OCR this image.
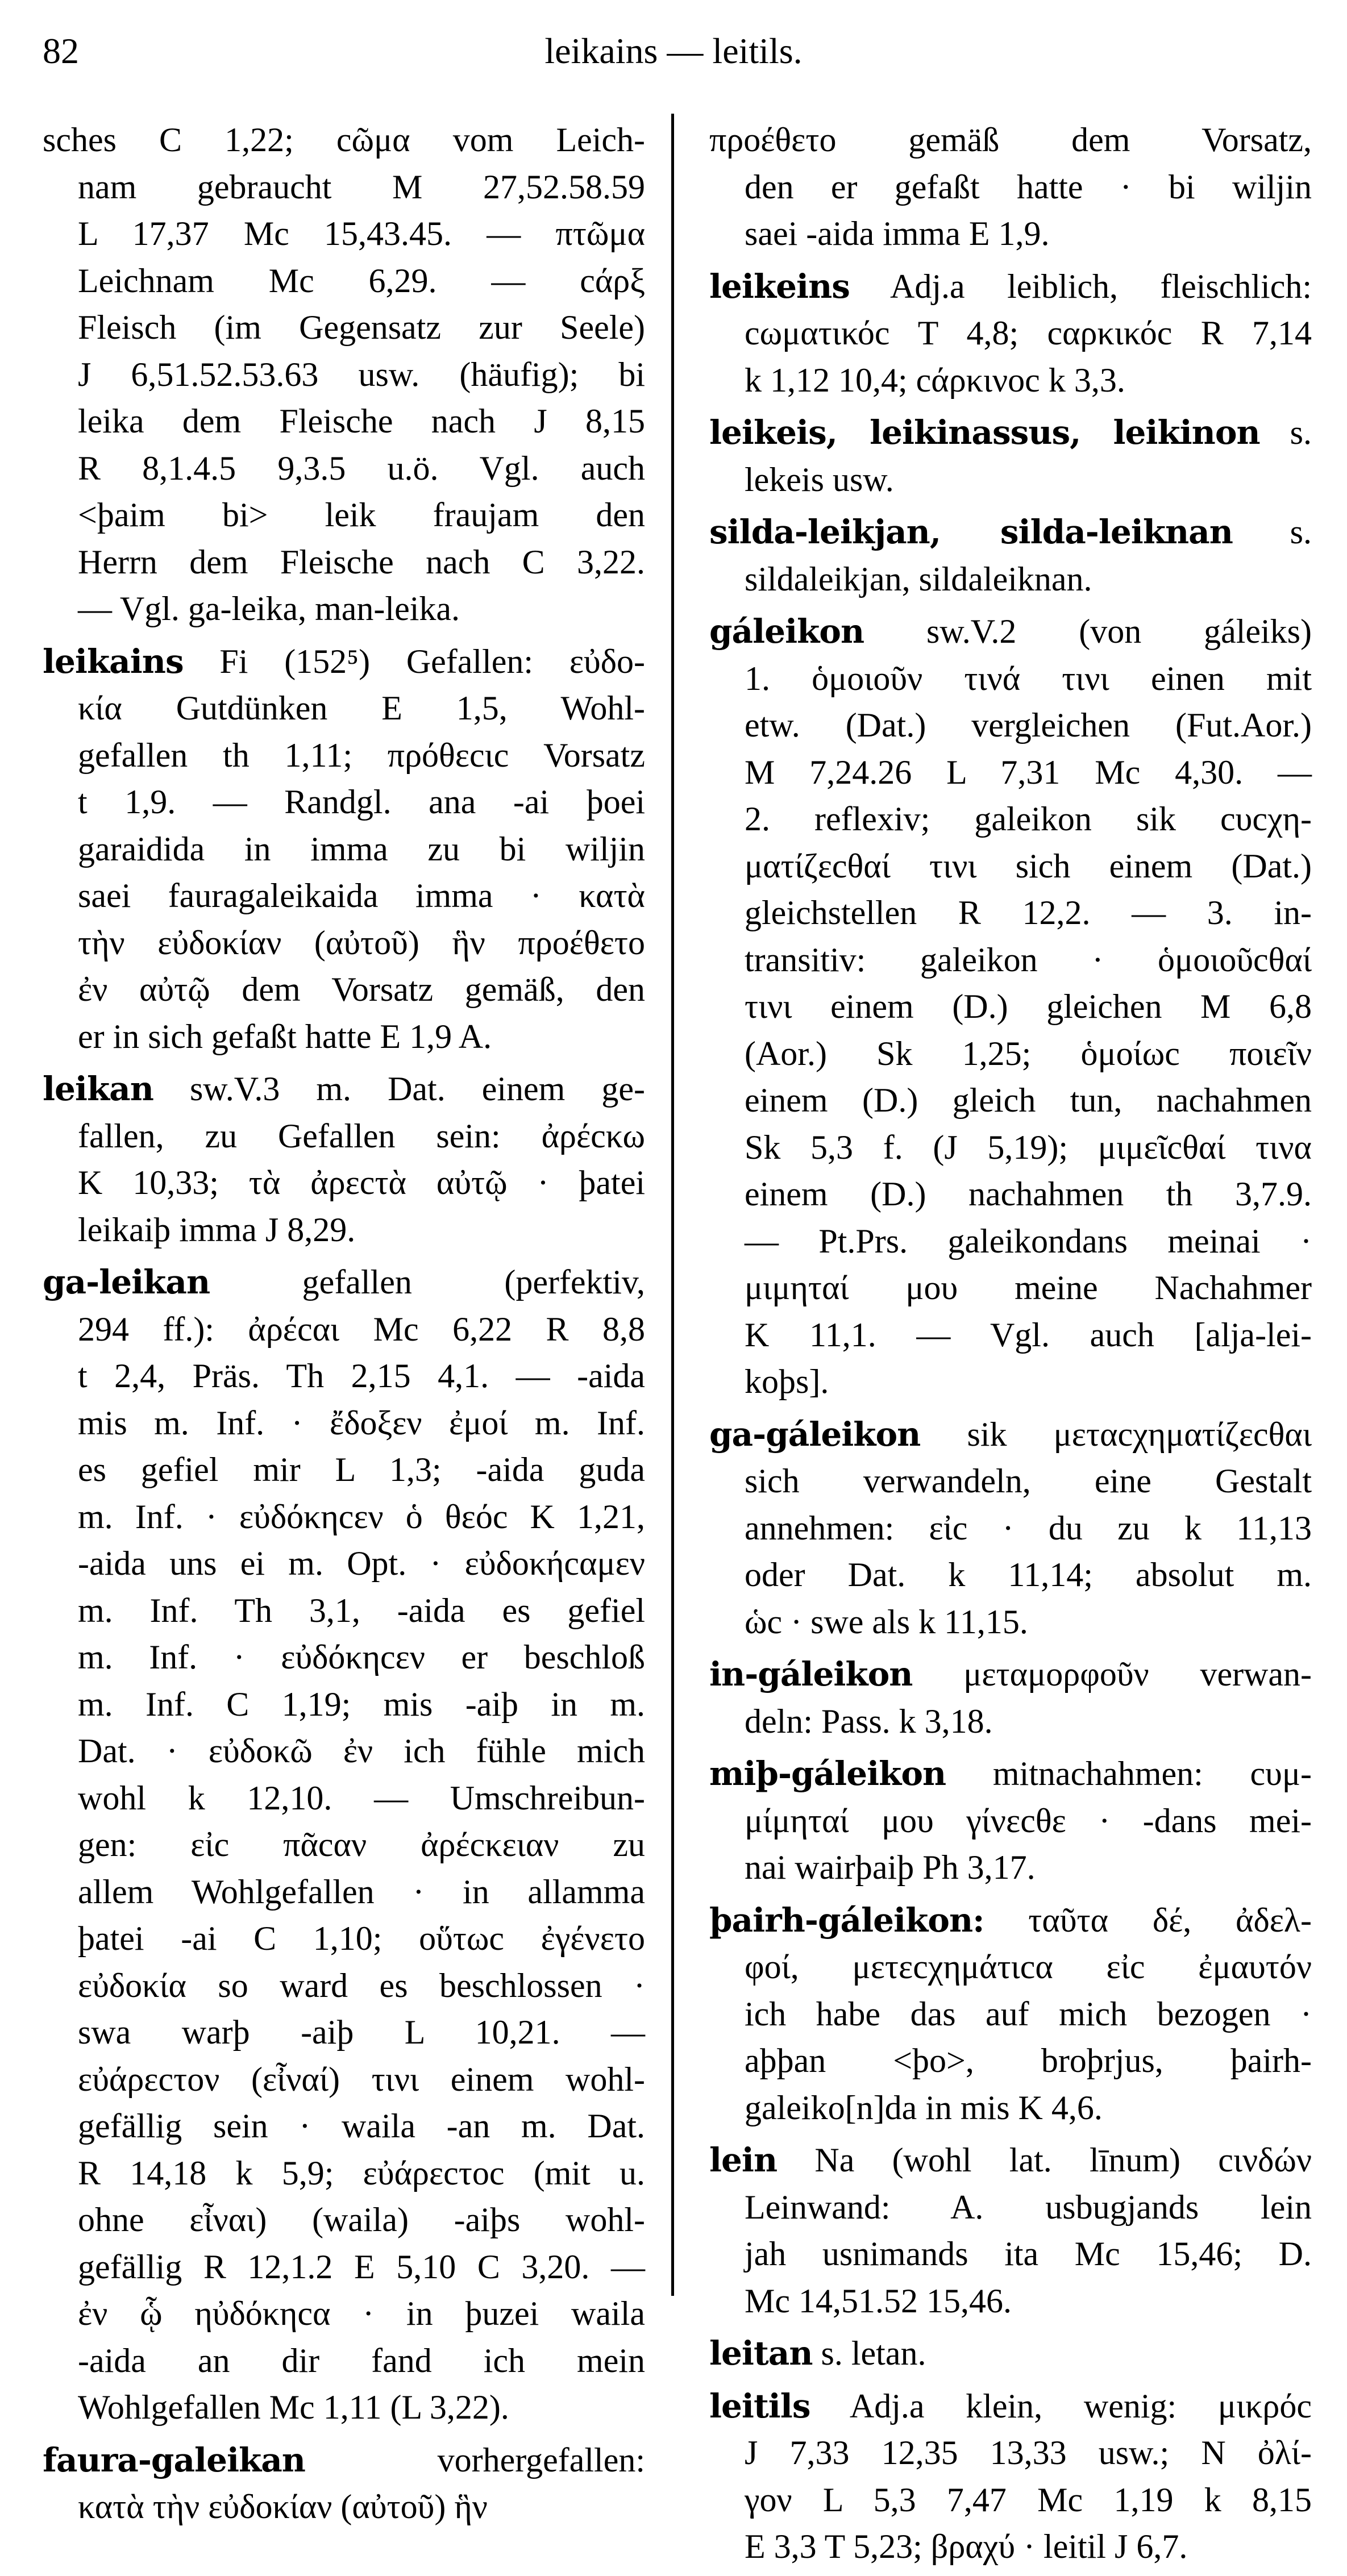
82	leikains — leitils.
sches C 1,22; cῶμα vom Leich-
nam gebraucht M 27,52.58.59
L 17,37 Mc 15,43.45. — πτῶμα
Leichnam Mc 6,29. — cάρξ
Fleisch (im Gegensatz zur Seele)
J 6,51.52.53.63 usw. (häufig); bi
leika dem Fleische nach J 8,15
R 8,1.4.5 9,3.5 u.ö. Vgl. auch
<þaim bi> leik fraujam den
Herrn dem Fleische nach C 3,22.
— Vgl. ga-leika, man-leika.
leikains Fi (152⁵) Gefallen: εὐδο-
κία Gutdünken E 1,5, Wohl-
gefallen th 1,11; πρόθεcιc Vorsatz
t 1,9. — Randgl. ana -ai þoei
garaidida in imma zu bi wiljin
saei fauragaleikaida imma · κατὰ
τὴν εὐδοκίαν (αὐτοῦ) ἣν προέθετο
ἐν αὐτῷ dem Vorsatz gemäß, den
er in sich gefaßt hatte E 1,9 A.
leikan sw.V.3 m. Dat. einem ge-
fallen, zu Gefallen sein: ἀρέcκω
K 10,33; τὰ ἀρεcτὰ αὐτῷ · þatei
leikaiþ imma J 8,29.
ga-leikan	gefallen (perfektiv,
294 ff.): ἀρέcαι Mc 6,22 R 8,8
t 2,4, Präs. Th 2,15 4,1. — -aida
mis m. Inf. · ἔδοξεν ἐμοί m. Inf.
es gefiel mir L 1,3; -aida guda
m. Inf. · εὐδόκηcεν ὁ θεόc K 1,21,
-aida uns ei m. Opt. · εὐδοκήcαμεν
m. Inf. Th 3,1, -aida es gefiel
m. Inf. · εὐδόκηcεν er beschloß
m. Inf. C 1,19; mis -aiþ in m.
Dat. · εὐδοκῶ ἐν ich fühle mich
wohl k 12,10. — Umschreibun-
gen: εἰc πᾶcαν ἀρέcκειαν zu
allem Wohlgefallen · in allamma
þatei -ai C 1,10; οὕτωc ἐγένετο
εὐδοκία so ward es beschlossen ·
swa warþ -aiþ L 10,21. —
εὐάρεcτον (εἶναί) τινι einem wohl-
gefällig sein · waila -an m. Dat.
R 14,18 k 5,9; εὐάρεcτοc (mit u.
ohne εἶναι) (waila) -aiþs wohl-
gefällig R 12,1.2 E 5,10 C 3,20. —
ἐν ᾧ ηὐδόκηcα · in þuzei waila
-aida an dir fand ich mein
Wohlgefallen Mc 1,11 (L 3,22).
faura-galeikan	vorhergefallen:
κατὰ τὴν εὐδοκίαν (αὐτοῦ) ἣν
προέθετο gemäß dem Vorsatz,
den er gefaßt hatte · bi wiljin
saei -aida imma E 1,9.
leikeins Adj.a leiblich, fleischlich:
cωματικόc T 4,8; cαρκικόc R 7,14
k 1,12 10,4; cάρκινοc k 3,3.
leikeis, leikinassus, leikinon s.
lekeis usw.
silda-leikjan, silda-leiknan s.
sildaleikjan, sildaleiknan.
gáleikon sw.V.2 (von gáleiks)
1. ὁμοιοῦν τινά τινι einen mit
etw. (Dat.) vergleichen (Fut.Aor.)
M 7,24.26 L 7,31 Mc 4,30. —
2. reflexiv; galeikon sik cυcχη-
ματίζεcθαί τινι sich einem (Dat.)
gleichstellen R 12,2. — 3. in-
transitiv: galeikon · ὁμοιοῦcθαί
τινι einem (D.) gleichen M 6,8
(Aor.) Sk 1,25; ὁμοίωc ποιεῖν
einem (D.) gleich tun, nachahmen
Sk 5,3 f. (J 5,19); μιμεῖcθαί τινα
einem (D.) nachahmen th 3,7.9.
— Pt.Prs. galeikondans meinai ·
μιμηταί μου meine Nachahmer
K 11,1. — Vgl. auch [alja-lei-
koþs].
ga-gáleikon sik μεταcχηματίζεcθαι
sich verwandeln, eine Gestalt
annehmen: εἰc · du zu k 11,13
oder Dat. k 11,14; absolut m.
ὡc · swe als k 11,15.
in-gáleikon μεταμορφοῦν verwan-
deln: Pass. k 3,18.
miþ-gáleikon mitnachahmen: cυμ-
μίμηταί μου γίνεcθε · -dans mei-
nai wairþaiþ Ph 3,17.
þairh-gáleikon: ταῦτα δέ, ἀδελ-
φοί, μετεcχημάτιcα εἰc ἐμαυτόν
ich habe das auf mich bezogen ·
aþþan <þo>, broþrjus, þairh-
galeiko[n]da in mis K 4,6.
lein Na (wohl lat. līnum) cινδών
Leinwand: A. usbugjands lein
jah usnimands ita Mc 15,46; D.
Mc 14,51.52 15,46.
leitan s. letan.
leitils Adj.a klein, wenig: μικρόc
J 7,33 12,35 13,33 usw.; N ὀλί-
γον L 5,3 7,47 Mc 1,19 k 8,15
E 3,3 T 5,23; βραχύ · leitil J 6,7.
